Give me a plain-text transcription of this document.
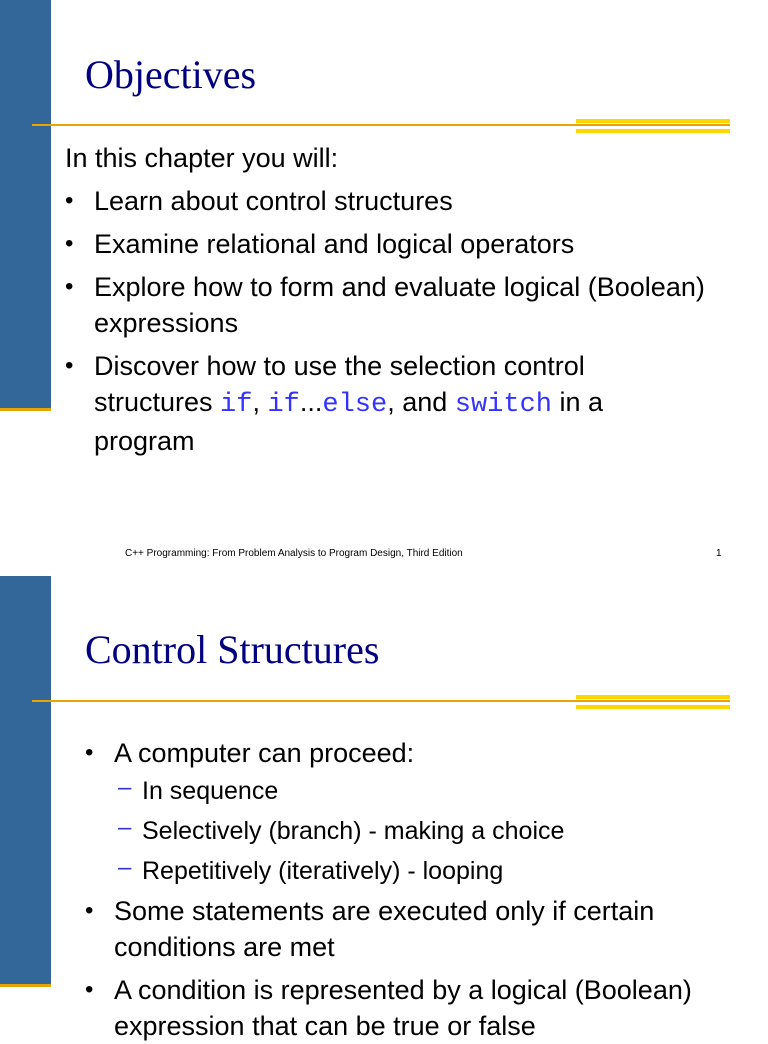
Objectives

In this chapter you will:

• Learn about control structures
• Examine relational and logical operators
• Explore how to form and evaluate logical (Boolean) expressions
• Discover how to use the selection control structures if, if...else, and switch in a program
C++ Programming: From Problem Analysis to Program Design, Third Edition	1
Control Structures
• A computer can proceed:
– In sequence
– Selectively (branch) - making a choice
– Repetitively (iteratively) - looping
• Some statements are executed only if certain conditions are met
• A condition is represented by a logical (Boolean) expression that can be true or false
